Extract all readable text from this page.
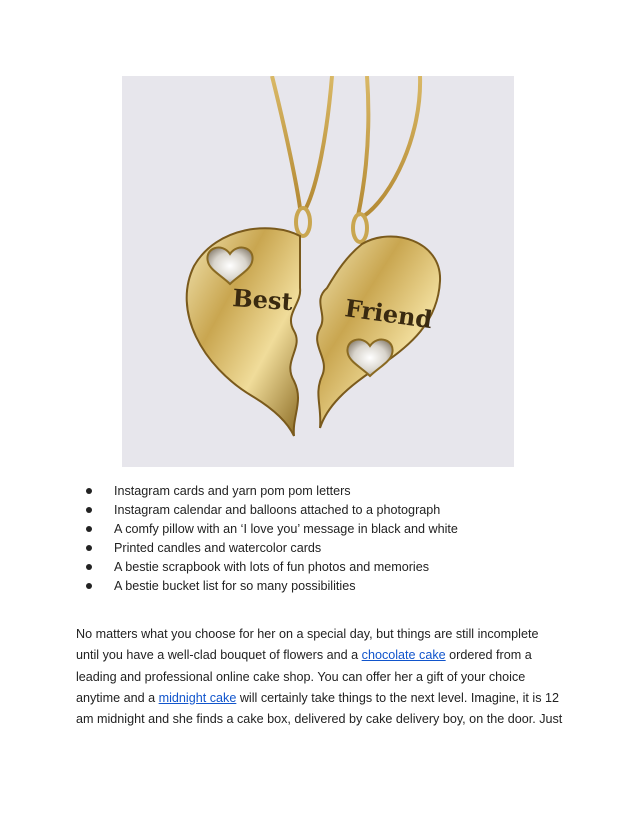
Best Friend
Instagram cards and yarn pom pom letters
Instagram calendar and balloons attached to a photograph
A comfy pillow with an ‘I love you’ message in black and white
Printed candles and watercolor cards
A bestie scrapbook with lots of fun photos and memories
A bestie bucket list for so many possibilities

No matters what you choose for her on a special day, but things are still incomplete
until you have a well-clad bouquet of flowers and a chocolate cake ordered from a
leading and professional online cake shop. You can offer her a gift of your choice
anytime and a midnight cake will certainly take things to the next level. Imagine, it is 12
am midnight and she finds a cake box, delivered by cake delivery boy, on the door. Just
